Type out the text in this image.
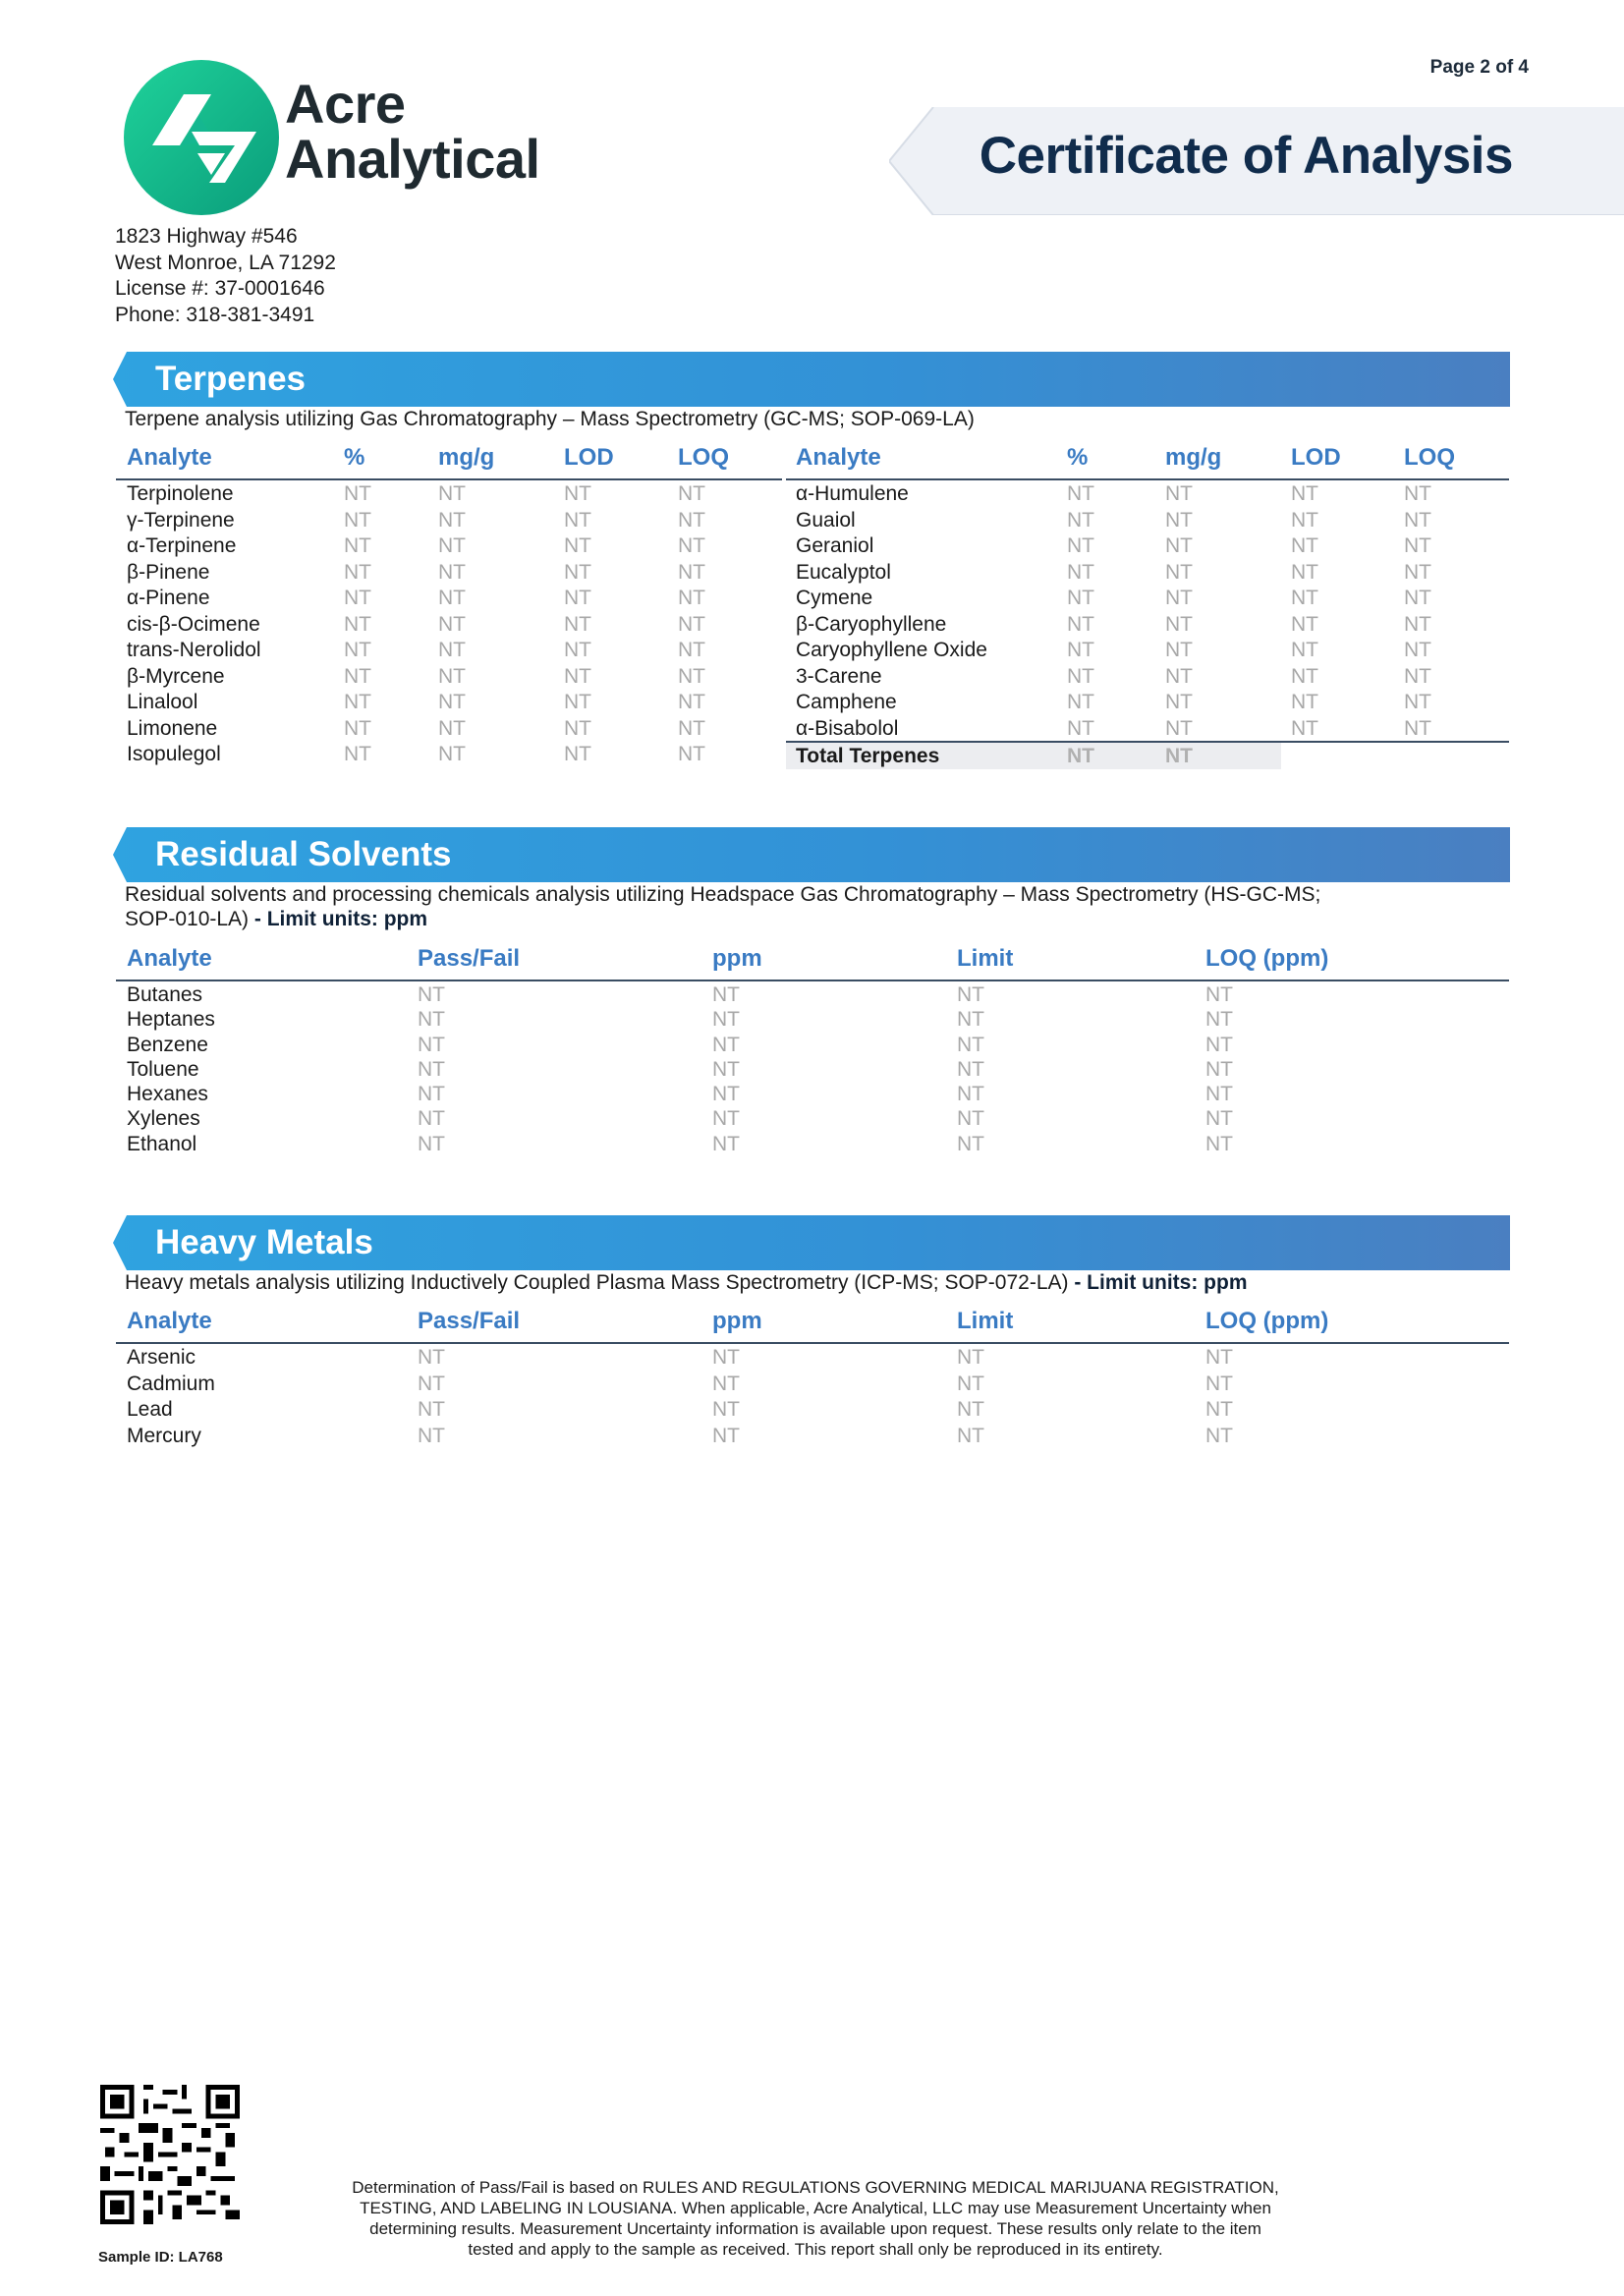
Page 2 of 4
Acre
Analytical	Certificate of Analysis
1823 Highway #546
West Monroe, LA 71292
License #: 37-0001646
Phone: 318-381-3491
Terpenes
Terpene analysis utilizing Gas Chromatography – Mass Spectrometry (GC-MS; SOP-069-LA)
Analyte	%	mg/g	LOD	LOQ	Analyte	%	mg/g	LOD	LOQ
Terpinolene	NT	NT	NT	NT
γ-Terpinene	NT	NT	NT	NT
α-Terpinene	NT	NT	NT	NT
β-Pinene	NT	NT	NT	NT
α-Pinene	NT	NT	NT	NT
cis-β-Ocimene	NT	NT	NT	NT
trans-Nerolidol	NT	NT	NT	NT
β-Myrcene	NT	NT	NT	NT
Linalool	NT	NT	NT	NT
Limonene	NT	NT	NT	NT
Isopulegol	NT	NT	NT	NT
α-Humulene	NT	NT	NT	NT
Guaiol	NT	NT	NT	NT
Geraniol	NT	NT	NT	NT
Eucalyptol	NT	NT	NT	NT
Cymene	NT	NT	NT	NT
β-Caryophyllene	NT	NT	NT	NT
Caryophyllene Oxide	NT	NT	NT	NT
3-Carene	NT	NT	NT	NT
Camphene	NT	NT	NT	NT
α-Bisabolol	NT	NT	NT	NT
Total Terpenes	NT	NT
Residual Solvents
Residual solvents and processing chemicals analysis utilizing Headspace Gas Chromatography – Mass Spectrometry (HS-GC-MS;
SOP-010-LA) - Limit units: ppm
Analyte	Pass/Fail	ppm	Limit	LOQ (ppm)
Butanes	NT	NT	NT	NT
Heptanes	NT	NT	NT	NT
Benzene	NT	NT	NT	NT
Toluene	NT	NT	NT	NT
Hexanes	NT	NT	NT	NT
Xylenes	NT	NT	NT	NT
Ethanol	NT	NT	NT	NT
Heavy Metals
Heavy metals analysis utilizing Inductively Coupled Plasma Mass Spectrometry (ICP-MS; SOP-072-LA) - Limit units: ppm
Analyte	Pass/Fail	ppm	Limit	LOQ (ppm)
Arsenic	NT	NT	NT	NT
Cadmium	NT	NT	NT	NT
Lead	NT	NT	NT	NT
Mercury	NT	NT	NT	NT
Sample ID: LA768
Determination of Pass/Fail is based on RULES AND REGULATIONS GOVERNING MEDICAL MARIJUANA REGISTRATION,
TESTING, AND LABELING IN LOUSIANA. When applicable, Acre Analytical, LLC may use Measurement Uncertainty when
determining results. Measurement Uncertainty information is available upon request. These results only relate to the item
tested and apply to the sample as received. This report shall only be reproduced in its entirety.
